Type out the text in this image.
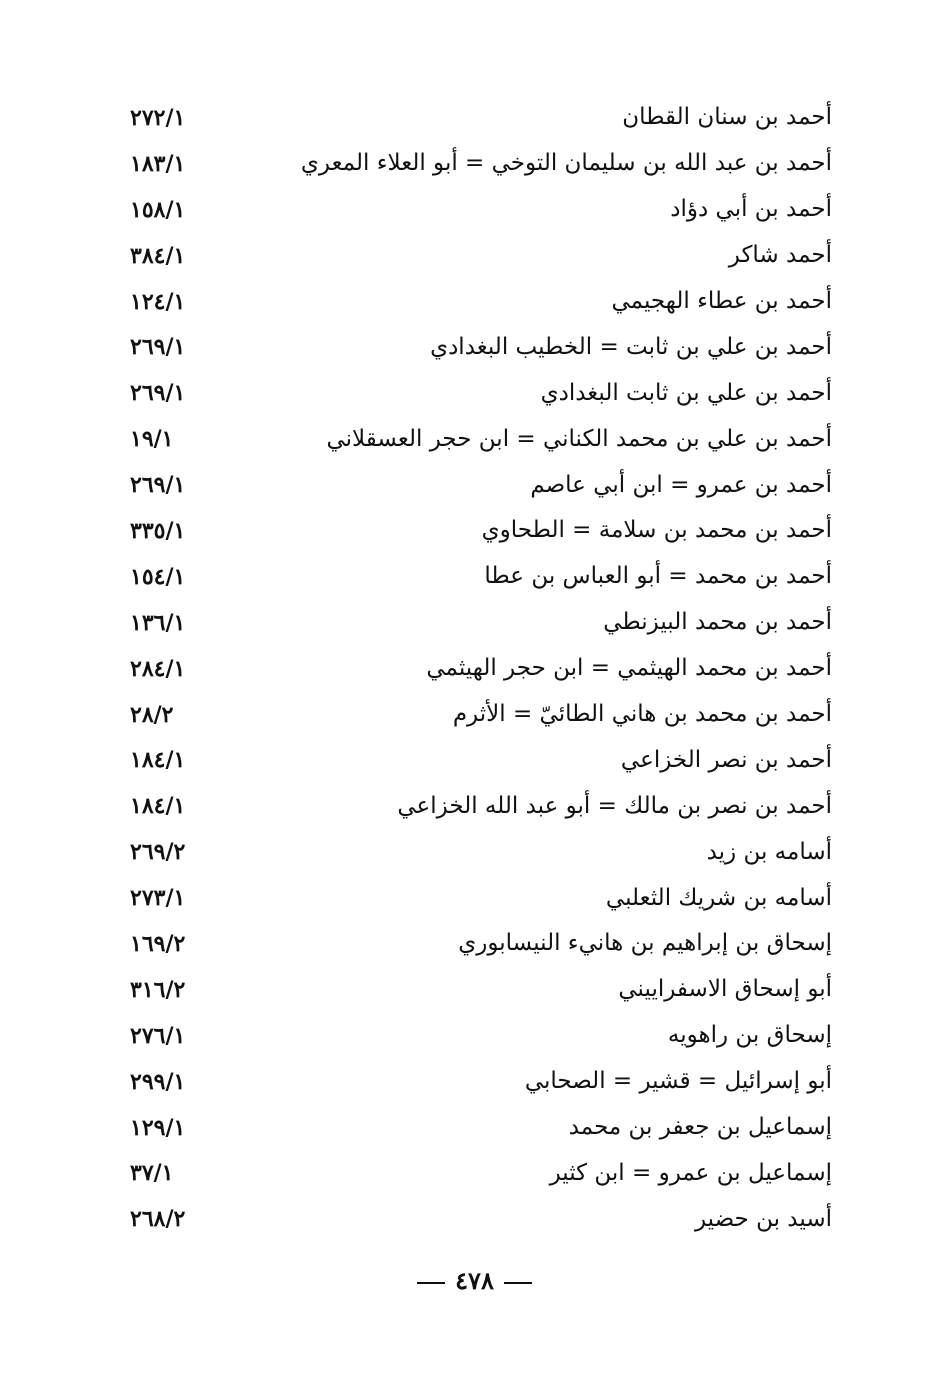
أحمد بن سنان القطان
٢٧٢/١
أحمد بن عبد الله بن سليمان التوخي = أبو العلاء المعري
١٨٣/١
أحمد بن أبي دؤاد
١٥٨/١
أحمد شاكر
٣٨٤/١
أحمد بن عطاء الهجيمي
١٢٤/١
أحمد بن علي بن ثابت = الخطيب البغدادي
٢٦٩/١
أحمد بن علي بن ثابت البغدادي
٢٦٩/١
أحمد بن علي بن محمد الكناني = ابن حجر العسقلاني
١٩/١
أحمد بن عمرو = ابن أبي عاصم
٢٦٩/١
أحمد بن محمد بن سلامة = الطحاوي
٣٣٥/١
أحمد بن محمد = أبو العباس بن عطا
١٥٤/١
أحمد بن محمد البيزنطي
١٣٦/١
أحمد بن محمد الهيثمي = ابن حجر الهيثمي
٢٨٤/١
أحمد بن محمد بن هاني الطائيّ = الأثرم
٢٨/٢
أحمد بن نصر الخزاعي
١٨٤/١
أحمد بن نصر بن مالك = أبو عبد الله الخزاعي
١٨٤/١
أسامه بن زيد
٢٦٩/٢
أسامه بن شريك الثعلبي
٢٧٣/١
إسحاق بن إبراهيم بن هانيء النيسابوري
١٦٩/٢
أبو إسحاق الاسفراييني
٣١٦/٢
إسحاق بن راهويه
٢٧٦/١
أبو إسرائيل = قشير = الصحابي
٢٩٩/١
إسماعيل بن جعفر بن محمد
١٢٩/١
إسماعيل بن عمرو = ابن كثير
٣٧/١
أسيد بن حضير
٢٦٨/٢
٤٧٨
